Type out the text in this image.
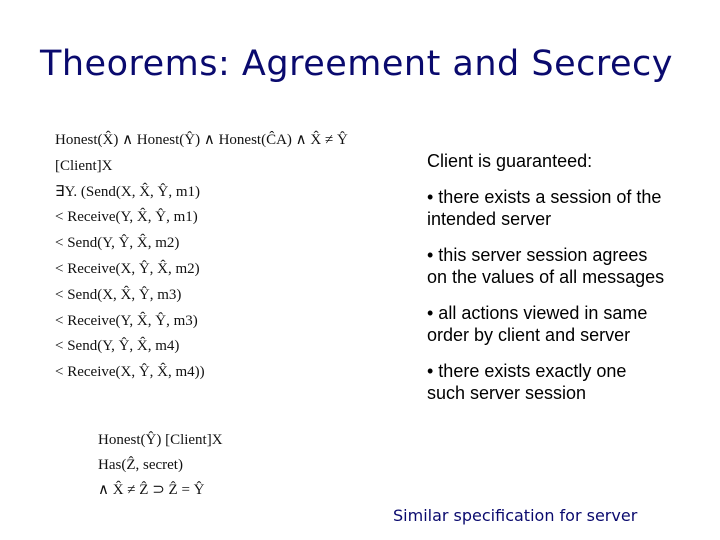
Theorems: Agreement and Secrecy
Honest(X̂) ∧ Honest(Ŷ) ∧ Honest(ĈA) ∧ X̂ ≠ Ŷ
[Client]X
∃Y. (Send(X, X̂, Ŷ, m1)
< Receive(Y, X̂, Ŷ, m1)
< Send(Y, Ŷ, X̂, m2)
< Receive(X, Ŷ, X̂, m2)
< Send(X, X̂, Ŷ, m3)
< Receive(Y, X̂, Ŷ, m3)
< Send(Y, Ŷ, X̂, m4)
< Receive(X, Ŷ, X̂, m4))

Client is guaranteed:

• there exists a session of the intended server

• this server session agrees on the values of all messages

• all actions viewed in same order by client and server

• there exists exactly one such server session

Honest(Ŷ) [Client]X
Has(Ẑ, secret)
∧ X̂ ≠ Ẑ ⊃ Ẑ = Ŷ
Similar specification for server
